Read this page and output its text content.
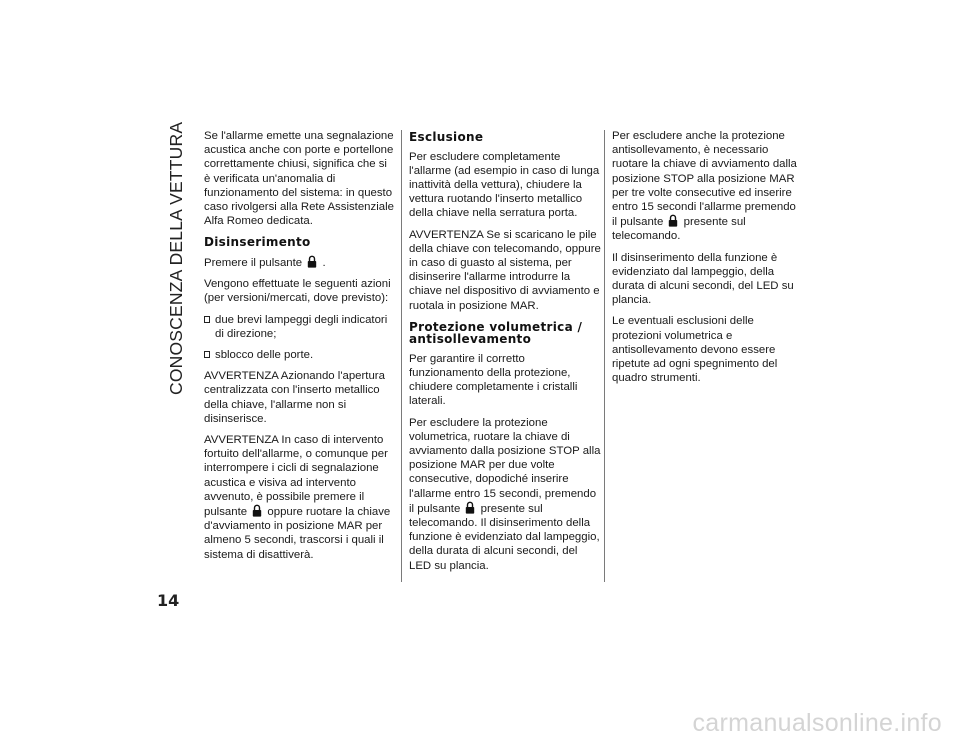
CONOSCENZA DELLA VETTURA
14

Se l'allarme emette una segnalazione acustica anche con porte e portellone correttamente chiusi, significa che si è verificata un'anomalia di funzionamento del sistema: in questo caso rivolgersi alla Rete Assistenziale Alfa Romeo dedicata.

Disinserimento

Premere il pulsante .

Vengono effettuate le seguenti azioni (per versioni/mercati, dove previsto):

due brevi lampeggi degli indicatori di direzione;
sblocco delle porte.

AVVERTENZA Azionando l'apertura centralizzata con l'inserto metallico della chiave, l'allarme non si disinserisce.

AVVERTENZA In caso di intervento fortuito dell'allarme, o comunque per interrompere i cicli di segnalazione acustica e visiva ad intervento avvenuto, è possibile premere il pulsante oppure ruotare la chiave d'avviamento in posizione MAR per almeno 5 secondi, trascorsi i quali il sistema di disattiverà.

Esclusione

Per escludere completamente l'allarme (ad esempio in caso di lunga inattività della vettura), chiudere la vettura ruotando l'inserto metallico della chiave nella serratura porta.

AVVERTENZA Se si scaricano le pile della chiave con telecomando, oppure in caso di guasto al sistema, per disinserire l'allarme introdurre la chiave nel dispositivo di avviamento e ruotala in posizione MAR.

Protezione volumetrica / antisollevamento

Per garantire il corretto funzionamento della protezione, chiudere completamente i cristalli laterali.

Per escludere la protezione volumetrica, ruotare la chiave di avviamento dalla posizione STOP alla posizione MAR per due volte consecutive, dopodiché inserire l'allarme entro 15 secondi, premendo il pulsante presente sul telecomando. Il disinserimento della funzione è evidenziato dal lampeggio, della durata di alcuni secondi, del LED su plancia.

Per escludere anche la protezione antisollevamento, è necessario ruotare la chiave di avviamento dalla posizione STOP alla posizione MAR per tre volte consecutive ed inserire entro 15 secondi l'allarme premendo il pulsante presente sul telecomando.

Il disinserimento della funzione è evidenziato dal lampeggio, della durata di alcuni secondi, del LED su plancia.

Le eventuali esclusioni delle protezioni volumetrica e antisollevamento devono essere ripetute ad ogni spegnimento del quadro strumenti.

carmanualsonline.info
